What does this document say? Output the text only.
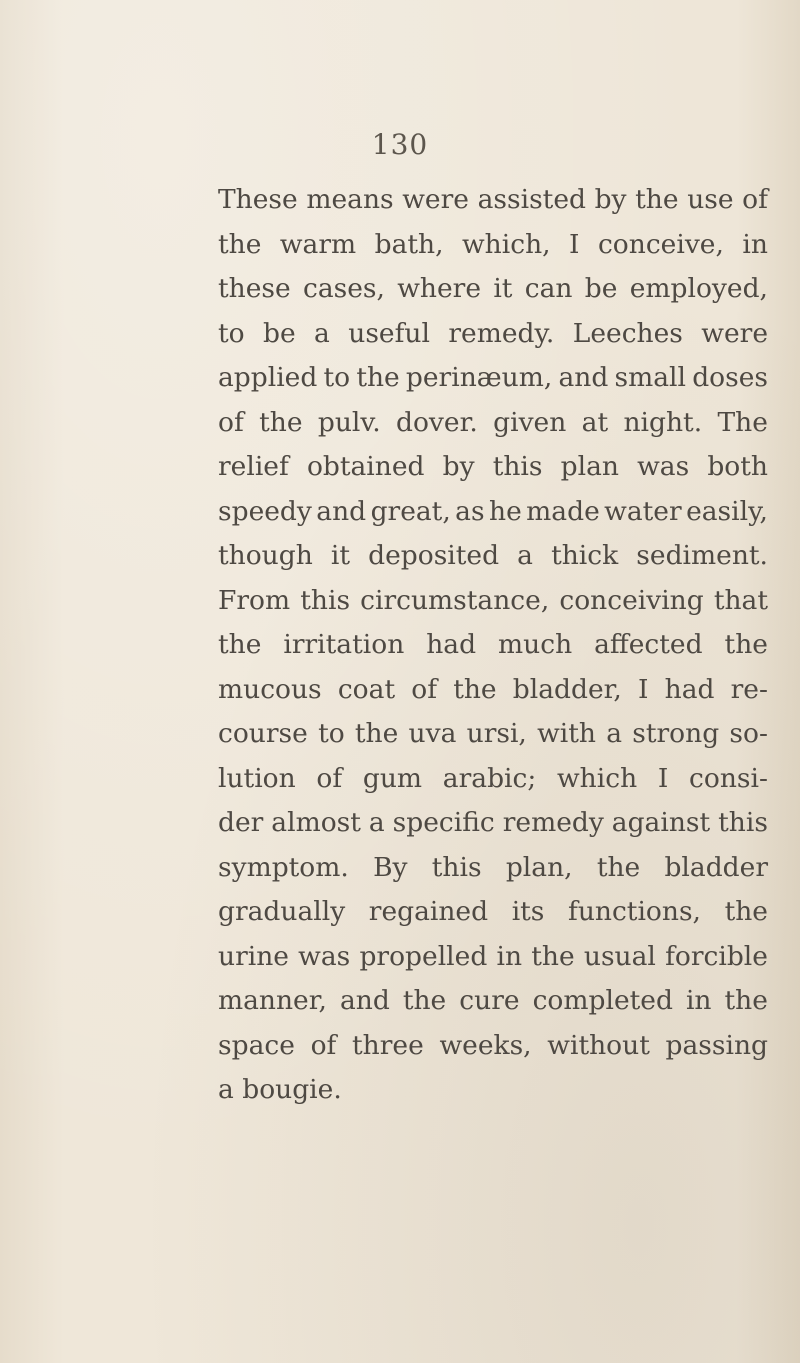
130
These means were assisted by the use of
the warm bath, which, I conceive, in
these cases, where it can be employed,
to be a useful remedy. Leeches were
applied to the perinæum, and small doses
of the pulv. dover. given at night. The
relief obtained by this plan was both
speedy and great, as he made water easily,
though it deposited a thick sediment.
From this circumstance, conceiving that
the irritation had much affected the
mucous coat of the bladder, I had re-
course to the uva ursi, with a strong so-
lution of gum arabic; which I consi-
der almost a specific remedy against this
symptom. By this plan, the bladder
gradually regained its functions, the
urine was propelled in the usual forcible
manner, and the cure completed in the
space of three weeks, without passing
a bougie.
